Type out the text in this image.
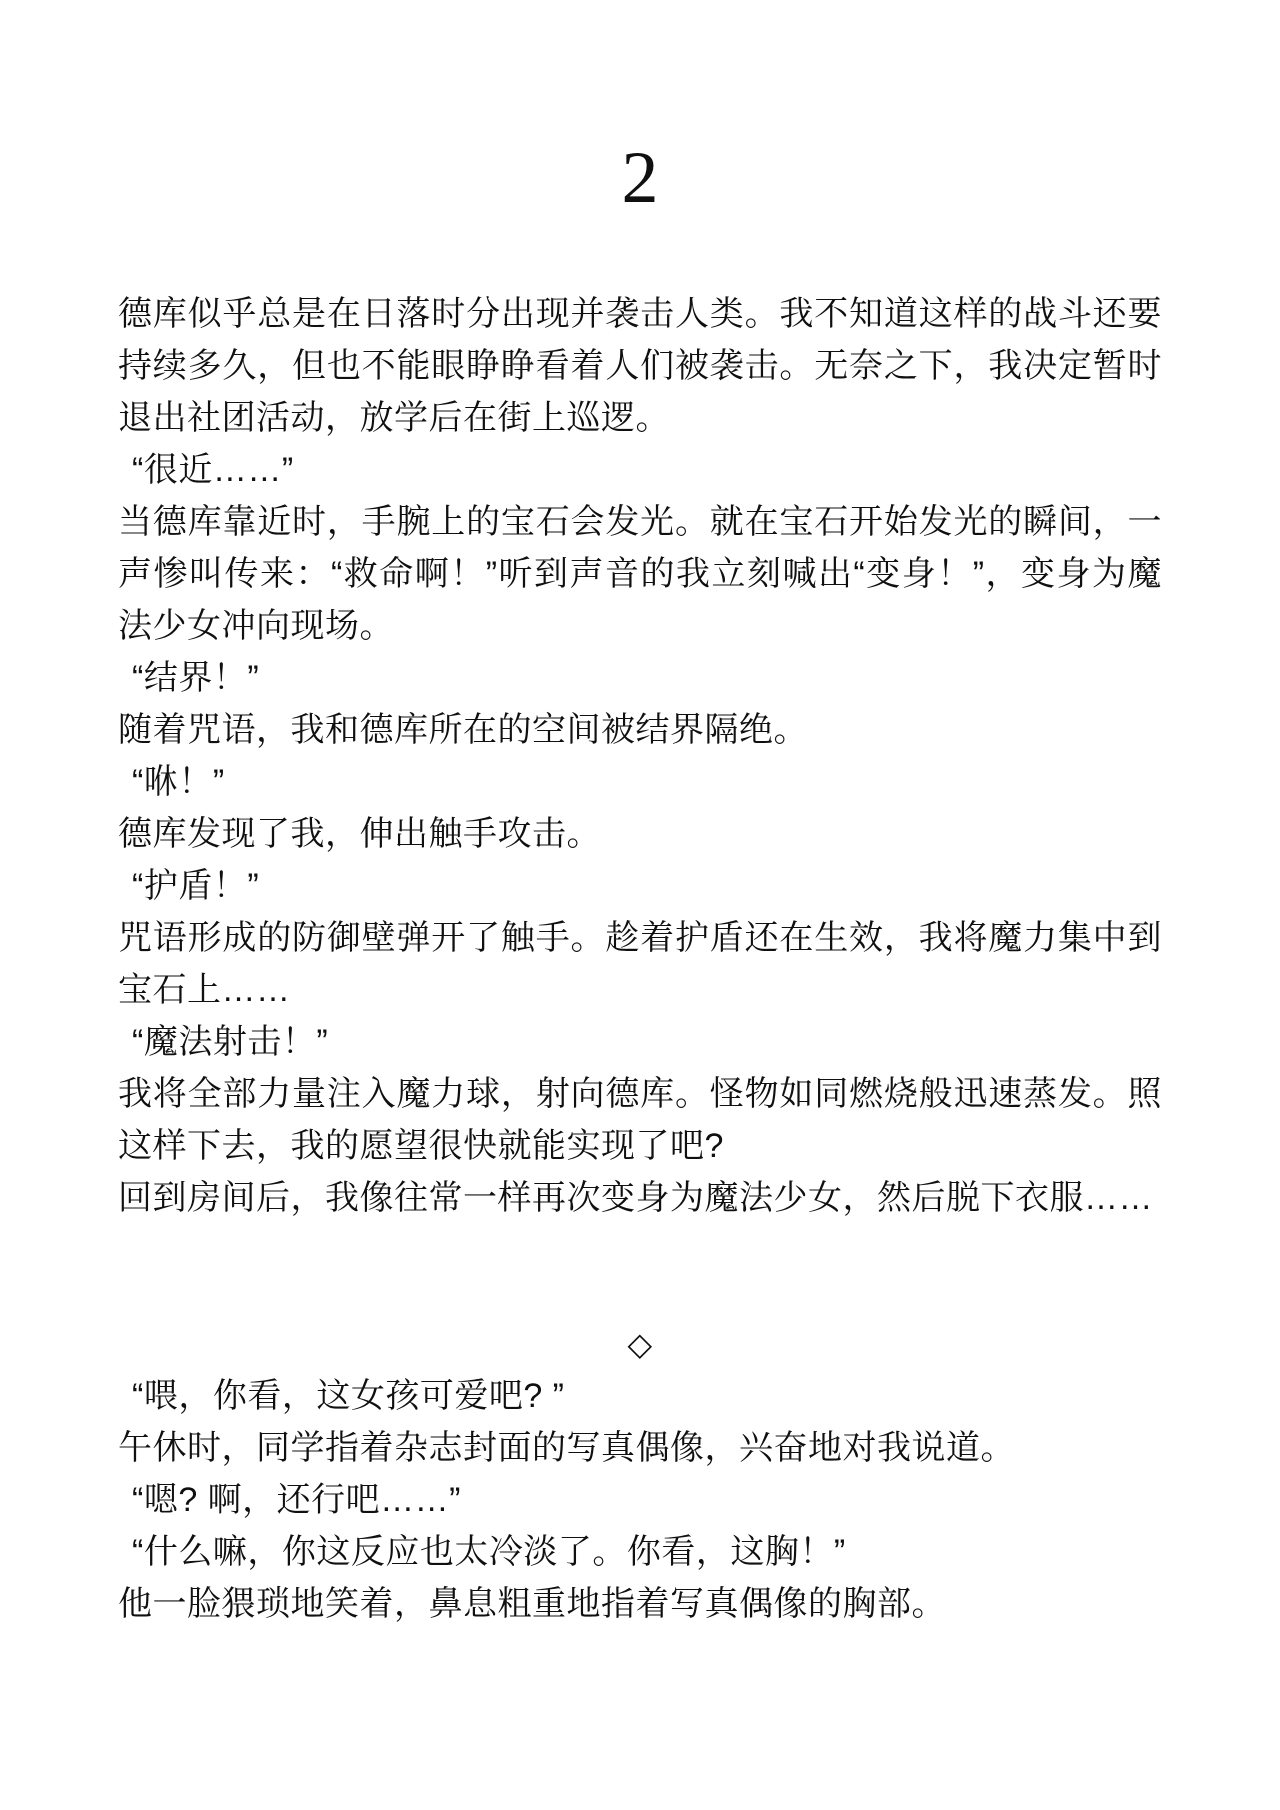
2

德库似乎总是在日落时分出现并袭击人类。我不知道这样的战斗还要持续多久，但也不能眼睁睁看着人们被袭击。无奈之下，我决定暂时退出社团活动，放学后在街上巡逻。

“很近……”

当德库靠近时，手腕上的宝石会发光。就在宝石开始发光的瞬间，一声惨叫传来：“救命啊！”听到声音的我立刻喊出“变身！”，变身为魔法少女冲向现场。

“结界！”

随着咒语，我和德库所在的空间被结界隔绝。

“咻！”

德库发现了我，伸出触手攻击。

“护盾！”

咒语形成的防御壁弹开了触手。趁着护盾还在生效，我将魔力集中到宝石上……

“魔法射击！”

我将全部力量注入魔力球，射向德库。怪物如同燃烧般迅速蒸发。照这样下去，我的愿望很快就能实现了吧?

回到房间后，我像往常一样再次变身为魔法少女，然后脱下衣服……

◇

“喂，你看，这女孩可爱吧? ”

午休时，同学指着杂志封面的写真偶像，兴奋地对我说道。

“嗯? 啊，还行吧……”

“什么嘛，你这反应也太冷淡了。你看，这胸！”

他一脸猥琐地笑着，鼻息粗重地指着写真偶像的胸部。
